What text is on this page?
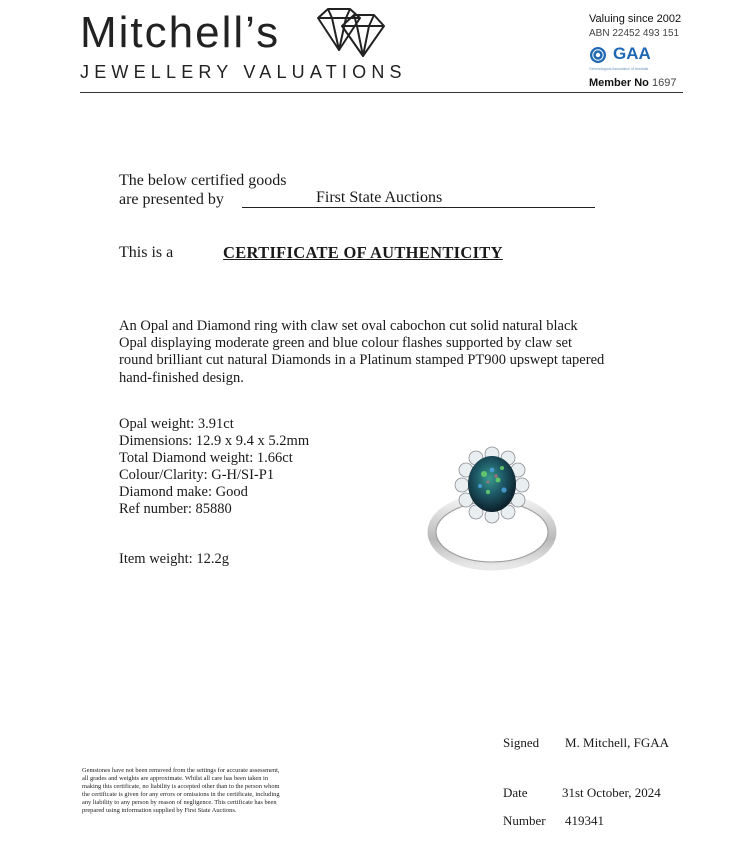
Mitchell’s
JEWELLERY VALUATIONS
Valuing since 2002
ABN 22452 493 151
GAA
Gemmological Association of Australia
Member No 1697
The below certified goods
are presented by	First State Auctions
This is a	CERTIFICATE OF AUTHENTICITY
An Opal and Diamond ring with claw set oval cabochon cut solid natural black Opal displaying moderate green and blue colour flashes supported by claw set round brilliant cut natural Diamonds in a Platinum stamped PT900 upswept tapered hand-finished design.
Opal weight: 3.91ct
Dimensions: 12.9 x 9.4 x 5.2mm
Total Diamond weight: 1.66ct
Colour/Clarity: G-H/SI-P1
Diamond make: Good
Ref number: 85880
Item weight: 12.2g
Signed M. Mitchell, FGAA
Date	31st October, 2024
Number 419341
Gemstones have not been removed from the settings for accurate assessment, all grades and weights are approximate. Whilst all care has been taken in making this certificate, no liability is accepted other than to the person whom the certificate is given for any errors or omissions in the certificate, including any liability to any person by reason of negligence. This certificate has been prepared using information supplied by First State Auctions.
